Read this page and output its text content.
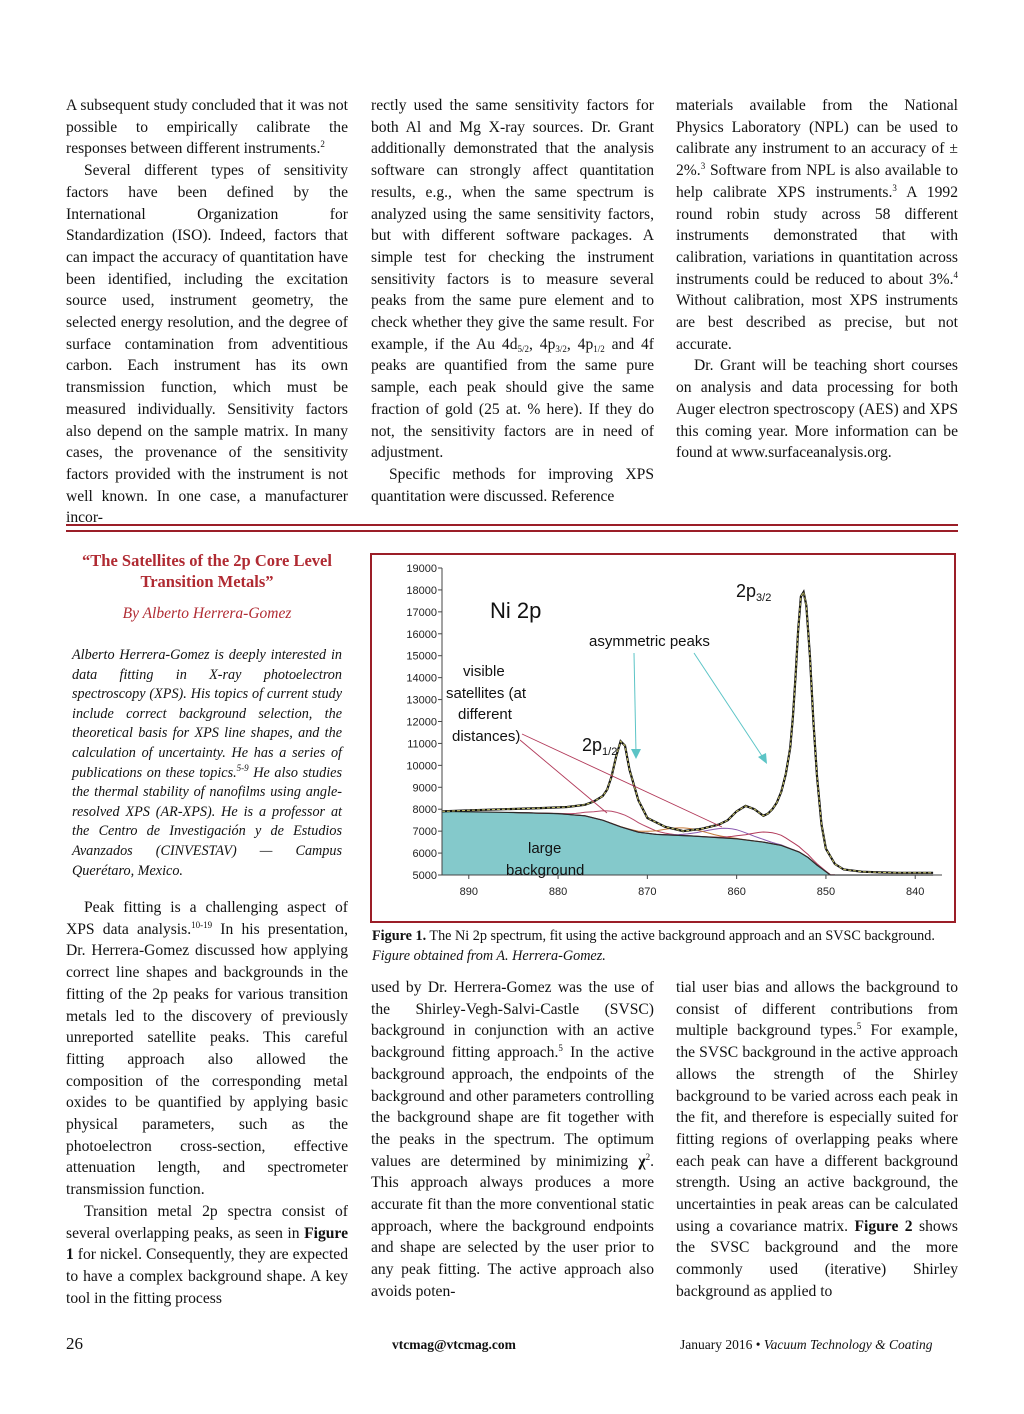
A subsequent study concluded that it was not possible to empirically calibrate the responses between different instruments.$^2$

Several different types of sensitivity factors have been defined by the International Organization for Standardization (ISO). Indeed, factors that can impact the accuracy of quantitation have been identified, including the excitation source used, instrument geometry, the selected energy resolution, and the degree of surface contamination from adventitious carbon. Each instrument has its own transmission function, which must be measured individually. Sensitivity factors also depend on the sample matrix. In many cases, the provenance of the sensitivity factors provided with the instrument is not well known. In one case, a manufacturer incor-

rectly used the same sensitivity factors for both Al and Mg X-ray sources. Dr. Grant additionally demonstrated that the analysis software can strongly affect quantitation results, e.g., when the same spectrum is analyzed using the same sensitivity factors, but with different software packages. A simple test for checking the instrument sensitivity factors is to measure several peaks from the same pure element and to check whether they give the same result. For example, if the Au $4d_{5/2}$, $4p_{3/2}$, $4p_{1/2}$ and 4f peaks are quantified from the same pure sample, each peak should give the same fraction of gold (25 at. % here). If they do not, the sensitivity factors are in need of adjustment.

Specific methods for improving XPS quantitation were discussed. Reference

materials available from the National Physics Laboratory (NPL) can be used to calibrate any instrument to an accuracy of ± 2%.$^3$ Software from NPL is also available to help calibrate XPS instruments.$^3$ A 1992 round robin study across 58 different instruments demonstrated that with calibration, variations in quantitation across instruments could be reduced to about 3%.$^4$ Without calibration, most XPS instruments are best described as precise, but not accurate.

Dr. Grant will be teaching short courses on analysis and data processing for both Auger electron spectroscopy (AES) and XPS this coming year. More information can be found at www.surfaceanalysis.org.

“The Satellites of the 2p Core Level Transition Metals”
By Alberto Herrera-Gomez
Alberto Herrera-Gomez is deeply interested in data fitting in X-ray photoelectron spectroscopy (XPS). His topics of current study include correct background selection, the theoretical basis for XPS line shapes, and the calculation of uncertainty. He has a series of publications on these topics.$^{5-9}$ He also studies the thermal stability of nanofilms using angle-resolved XPS (AR-XPS). He is a professor at the Centro de Investigación y de Estudios Avanzados (CINVESTAV) — Campus Querétaro, Mexico.
19000
18000
17000
16000
15000
14000
13000
12000
11000
10000
9000
8000
7000
6000
5000
890	880	870	860	850	840
Ni 2p
$2p_{3/2}$
$2p_{1/2}$
asymmetric peaks
visible satellites (at different distances)
large background
Figure 1. The Ni 2p spectrum, fit using the active background approach and an SVSC background. Figure obtained from A. Herrera-Gomez.

Peak fitting is a challenging aspect of XPS data analysis.$^{10-19}$ In his presentation, Dr. Herrera-Gomez discussed how applying correct line shapes and backgrounds in the fitting of the 2p peaks for various transition metals led to the discovery of previously unreported satellite peaks. This careful fitting approach also allowed the composition of the corresponding metal oxides to be quantified by applying basic physical parameters, such as the photoelectron cross-section, effective attenuation length, and spectrometer transmission function.

Transition metal 2p spectra consist of several overlapping peaks, as seen in Figure 1 for nickel. Consequently, they are expected to have a complex background shape. A key tool in the fitting process

used by Dr. Herrera-Gomez was the use of the Shirley-Vegh-Salvi-Castle (SVSC) background in conjunction with an active background fitting approach.$^5$ In the active background approach, the endpoints of the background and other parameters controlling the background shape are fit together with the peaks in the spectrum. The optimum values are determined by minimizing $\chi^2$. This approach always produces a more accurate fit than the more conventional static approach, where the background endpoints and shape are selected by the user prior to any peak fitting. The active approach also avoids poten-

tial user bias and allows the background to consist of different contributions from multiple background types.$^5$ For example, the SVSC background in the active approach allows the strength of the Shirley background to be varied across each peak in the fit, and therefore is especially suited for fitting regions of overlapping peaks where each peak can have a different background strength. Using an active background, the uncertainties in peak areas can be calculated using a covariance matrix. Figure 2 shows the SVSC background and the more commonly used (iterative) Shirley background as applied to

26	vtcmag@vtcmag.com	January 2016 • Vacuum Technology & Coating
